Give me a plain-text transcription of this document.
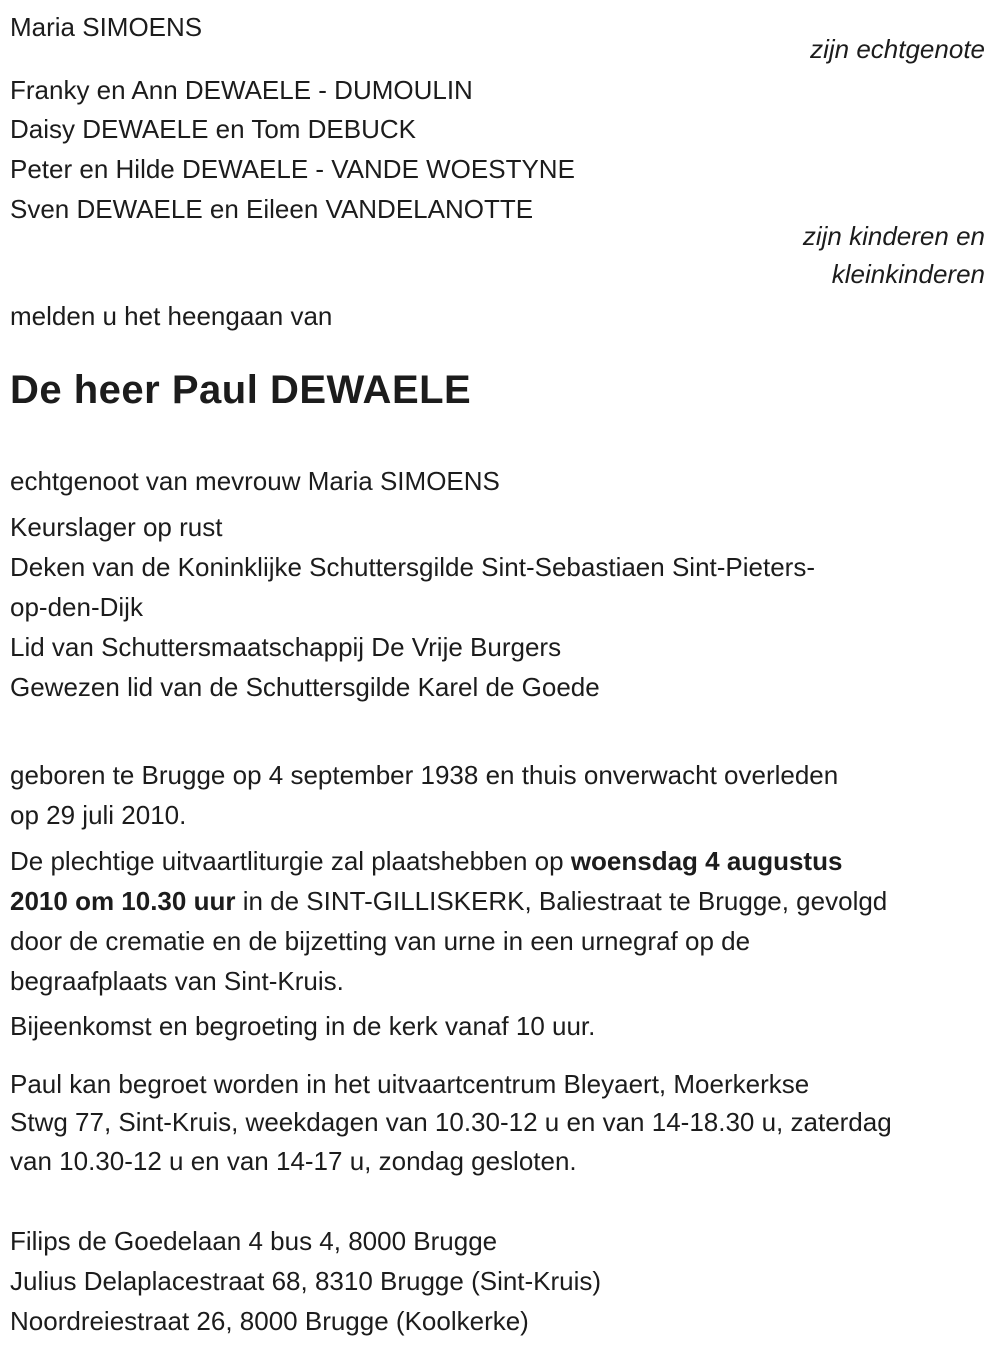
Maria SIMOENS
zijn echtgenote
Franky en Ann DEWAELE - DUMOULIN
Daisy DEWAELE en Tom DEBUCK
Peter en Hilde DEWAELE - VANDE WOESTYNE
Sven DEWAELE en Eileen VANDELANOTTE
zijn kinderen en
kleinkinderen
melden u het heengaan van
De heer Paul DEWAELE
echtgenoot van mevrouw Maria SIMOENS
Keurslager op rust
Deken van de Koninklijke Schuttersgilde Sint-Sebastiaen Sint-Pieters-
op-den-Dijk
Lid van Schuttersmaatschappij De Vrije Burgers
Gewezen lid van de Schuttersgilde Karel de Goede
geboren te Brugge op 4 september 1938 en thuis onverwacht overleden
op 29 juli 2010.
De plechtige uitvaartliturgie zal plaatshebben op woensdag 4 augustus
2010 om 10.30 uur in de SINT-GILLISKERK, Baliestraat te Brugge, gevolgd
door de crematie en de bijzetting van urne in een urnegraf op de
begraafplaats van Sint-Kruis.
Bijeenkomst en begroeting in de kerk vanaf 10 uur.
Paul kan begroet worden in het uitvaartcentrum Bleyaert, Moerkerkse
Stwg 77, Sint-Kruis, weekdagen van 10.30-12 u en van 14-18.30 u, zaterdag
van 10.30-12 u en van 14-17 u, zondag gesloten.
Filips de Goedelaan 4 bus 4, 8000 Brugge
Julius Delaplacestraat 68, 8310 Brugge (Sint-Kruis)
Noordreiestraat 26, 8000 Brugge (Koolkerke)
